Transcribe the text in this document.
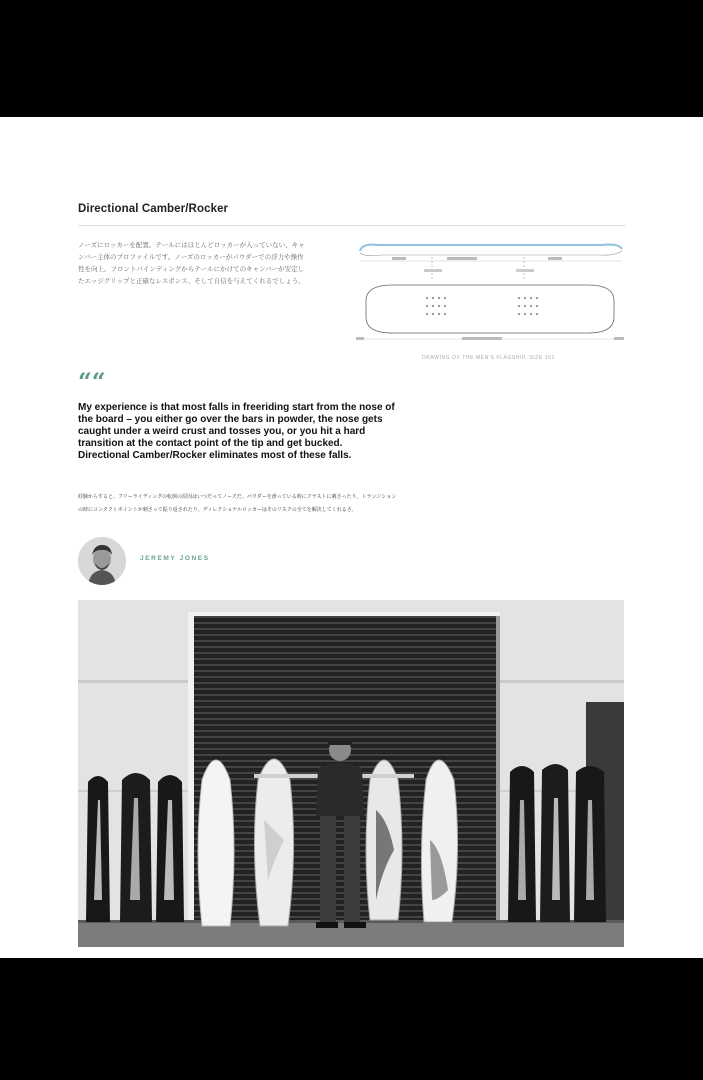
Directional Camber/Rocker
ノーズにロッカーを配置。テールにはほとんどロッカーが入っていない、キャンバー主体のプロファイルです。ノーズのロッカーがパウダーでの浮力や操作性を向上。フロントバインディングからテールにかけてのキャンバーが安定したエッジグリップと正確なレスポンス、そして自信を与えてくれるでしょう。
DRAWING OF THE MEN'S FLAGSHIP, SIZE 161
““
My experience is that most falls in freeriding start from the nose of the board – you either go over the bars in powder, the nose gets caught under a weird crust and tosses you, or you hit a hard transition at the contact point of the tip and get bucked. Directional Camber/Rocker eliminates most of these falls.
経験からすると、フリーライディングの転倒の原因はいつだってノーズだ。パウダーを滑っている時にクラストに刺さったり、トランジションの時にコンタクトポイントが刺さって振り返されたり。ディレクショナルロッカーはそのリスクの全てを解決してくれるさ。
JEREMY JONES
